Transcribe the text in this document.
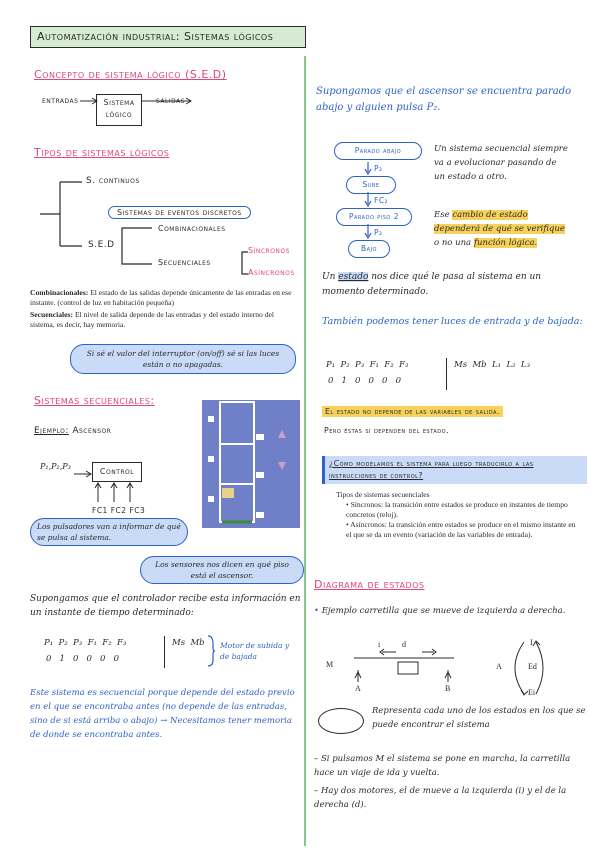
Automatización industrial: Sistemas lógicos
Concepto de sistema lógico (S.E.D)
entradas	Sistema
lógico
salidas
Tipos de sistemas lógicos
S. continuos
Sistemas de eventos discretos
S.E.D
Combinacionales
Secuenciales
Síncronos
Asíncronos
Combinacionales: El estado de las salidas depende únicamente de las entradas en ese instante. (control de luz en habitación pequeña)
Secuenciales: El nivel de salida depende de las entradas y del estado interno del sistema, es decir, hay memoria.
Si sé el valor del interruptor (on/off) sé si las luces están o no apagadas.
Sistemas secuenciales:
Ejemplo: Ascensor
P₁,P₂,P₃
Control
FC1 FC2 FC3
Los pulsadores van a informar de qué se pulsa al sistema.
Los sensores nos dicen en qué piso está el ascensor.
Supongamos que el controlador recibe esta información en un instante de tiempo determinado:
P₁  P₂  P₃  F₁  F₂  F₃
0   1   0   0   0   0
Ms  Mb Motor de subida y de bajada
Este sistema es secuencial porque depende del estado previo en el que se encontraba antes (no depende de las entradas, sino de si está arriba o abajo) → Necesitamos tener memoria de donde se encontraba antes.
Supongamos que el ascensor se encuentra parado abajo y alguien pulsa P₂.
Parado abajo
P₂
Sube
FC₂
Parado piso 2
P₂
Bajo
Un sistema secuencial siempre va a evolucionar pasando de un estado a otro.
Ese cambio de estado dependerá de qué se verifique o no una función lógica.
Un estado nos dice qué le pasa al sistema en un momento determinado.
También podemos tener luces de entrada y de bajada:
P₁  P₂  P₃  F₁  F₂  F₃
0   1   0   0   0   0
Ms  Mb  L₁  L₂  L₃
El estado no depende de las variables de salida.
Pero éstas sí dependen del estado.
¿Cómo modelamos el sistema para luego traducirlo a las instrucciones de control?
Tipos de sistemas secuenciales
• Síncronos: la transición entre estados se produce en instantes de tiempo concretos (reloj).
• Asíncronos: la transición entre estados se produce en el mismo instante en el que se da un evento (variación de las variables de entrada).
Diagrama de estados
• Ejemplo carretilla que se mueve de izquierda a derecha.
i	d
M
A	B
I
A	Ed
Ei
Representa cada uno de los estados en los que se puede encontrar el sistema
– Si pulsamos M el sistema se pone en marcha, la carretilla hace un viaje de ida y vuelta.
– Hay dos motores, el de mueve a la izquierda (i) y el de la derecha (d).
